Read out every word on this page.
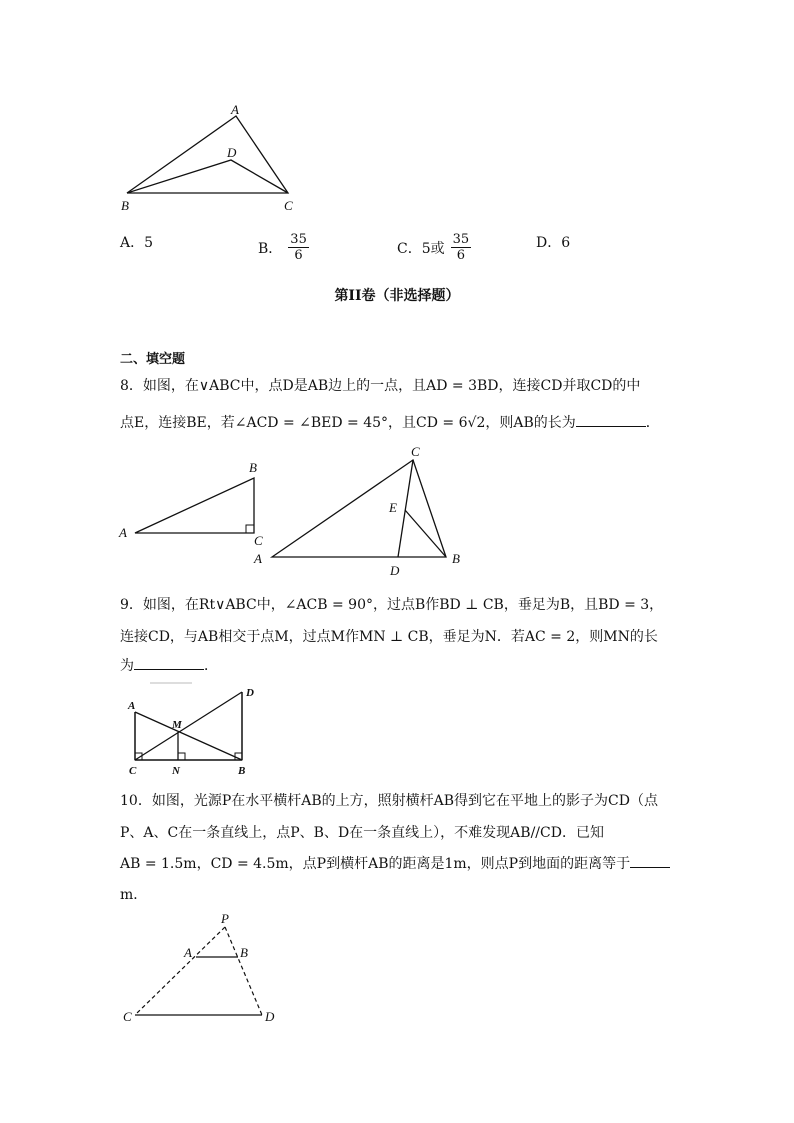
A
D
B	C
A．5	B． $\frac{35}{6}$	C．5或 $\frac{35}{6}$	D．6
第II卷（非选择题）
二、填空题
8．如图，在∨ABC中，点D是AB边上的一点，且AD = 3BD，连接CD并取CD的中
点E，连接BE，若∠ACD = ∠BED = 45°，且CD = 6√2，则AB的长为	．
B
A
C
C
E
A	B
D
9．如图，在Rt∨ABC中，∠ACB = 90°，过点B作BD ⊥ CB，垂足为B，且BD = 3，
连接CD，与AB相交于点M，过点M作MN ⊥ CB，垂足为N．若AC = 2，则MN的长
为	．
A
M
D
C	N	B
10．如图，光源P在水平横杆AB的上方，照射横杆AB得到它在平地上的影子为CD（点
P、A、C在一条直线上，点P、B、D在一条直线上），不难发现AB//CD．已知
AB = 1.5m，CD = 4.5m，点P到横杆AB的距离是1m，则点P到地面的距离等于
m．
P
A	B
C	D
